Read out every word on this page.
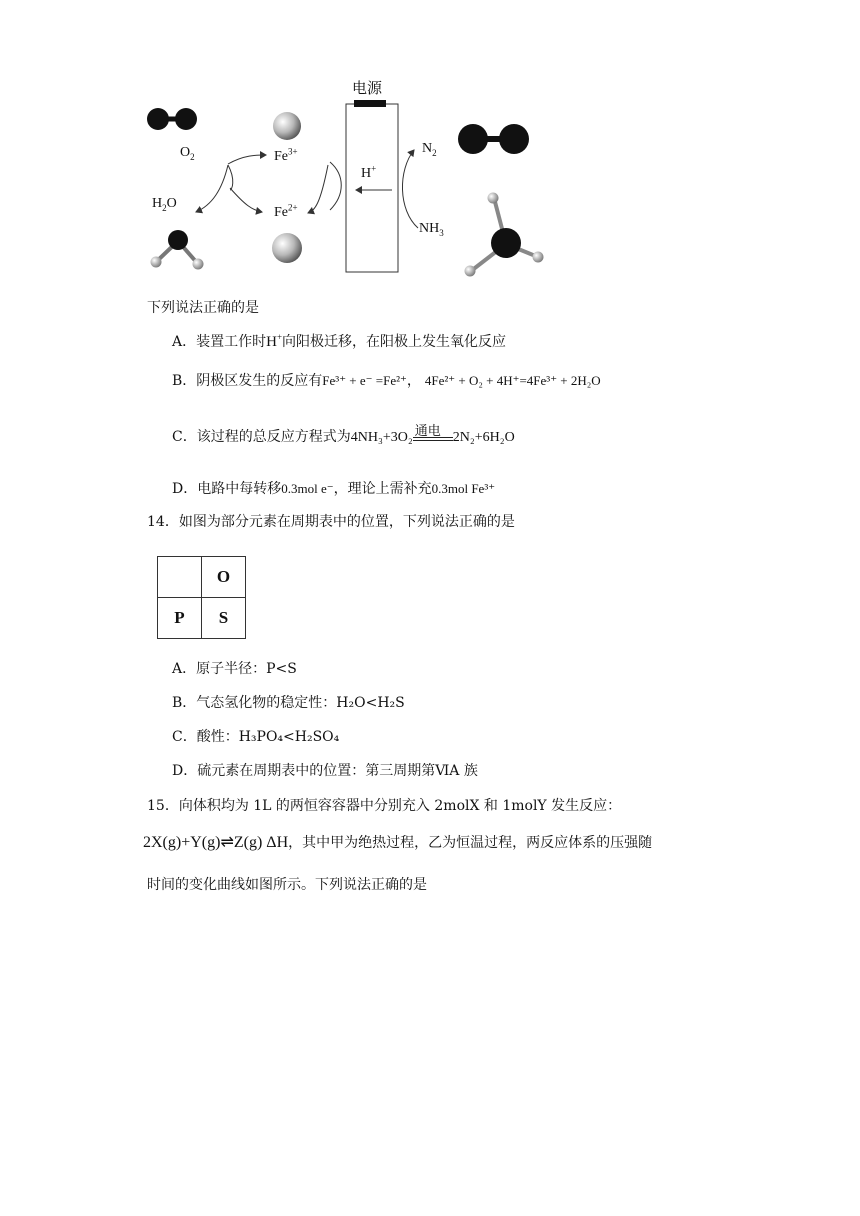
电源
$O_2$
$H_2O$
$Fe^{3+}$
$Fe^{2+}$
H+
$N_2$
$NH_3$
下列说法正确的是
A．装置工作时H+向阳极迁移，在阳极上发生氧化反应
B．阴极区发生的反应有Fe³⁺ + e⁻ =Fe²⁺， 4Fe²⁺ + O₂ + 4H⁺=4Fe³⁺ + 2H₂O
C．该过程的总反应方程式为4NH₃+3O₂ 通电 2N₂+6H₂O
D．电路中每转移0.3mol e⁻，理论上需补充0.3mol Fe³⁺
14．如图为部分元素在周期表中的位置，下列说法正确的是
	O
P	S
A．原子半径：P<S
B．气态氢化物的稳定性：H₂O<H₂S
C．酸性：H₃PO₄<H₂SO₄
D．硫元素在周期表中的位置：第三周期第ⅥA 族
15．向体积均为 1L 的两恒容容器中分别充入 2molX 和 1molY 发生反应：
2X(g)+Y(g)⇌Z(g) ΔH，其中甲为绝热过程，乙为恒温过程，两反应体系的压强随
时间的变化曲线如图所示。下列说法正确的是
